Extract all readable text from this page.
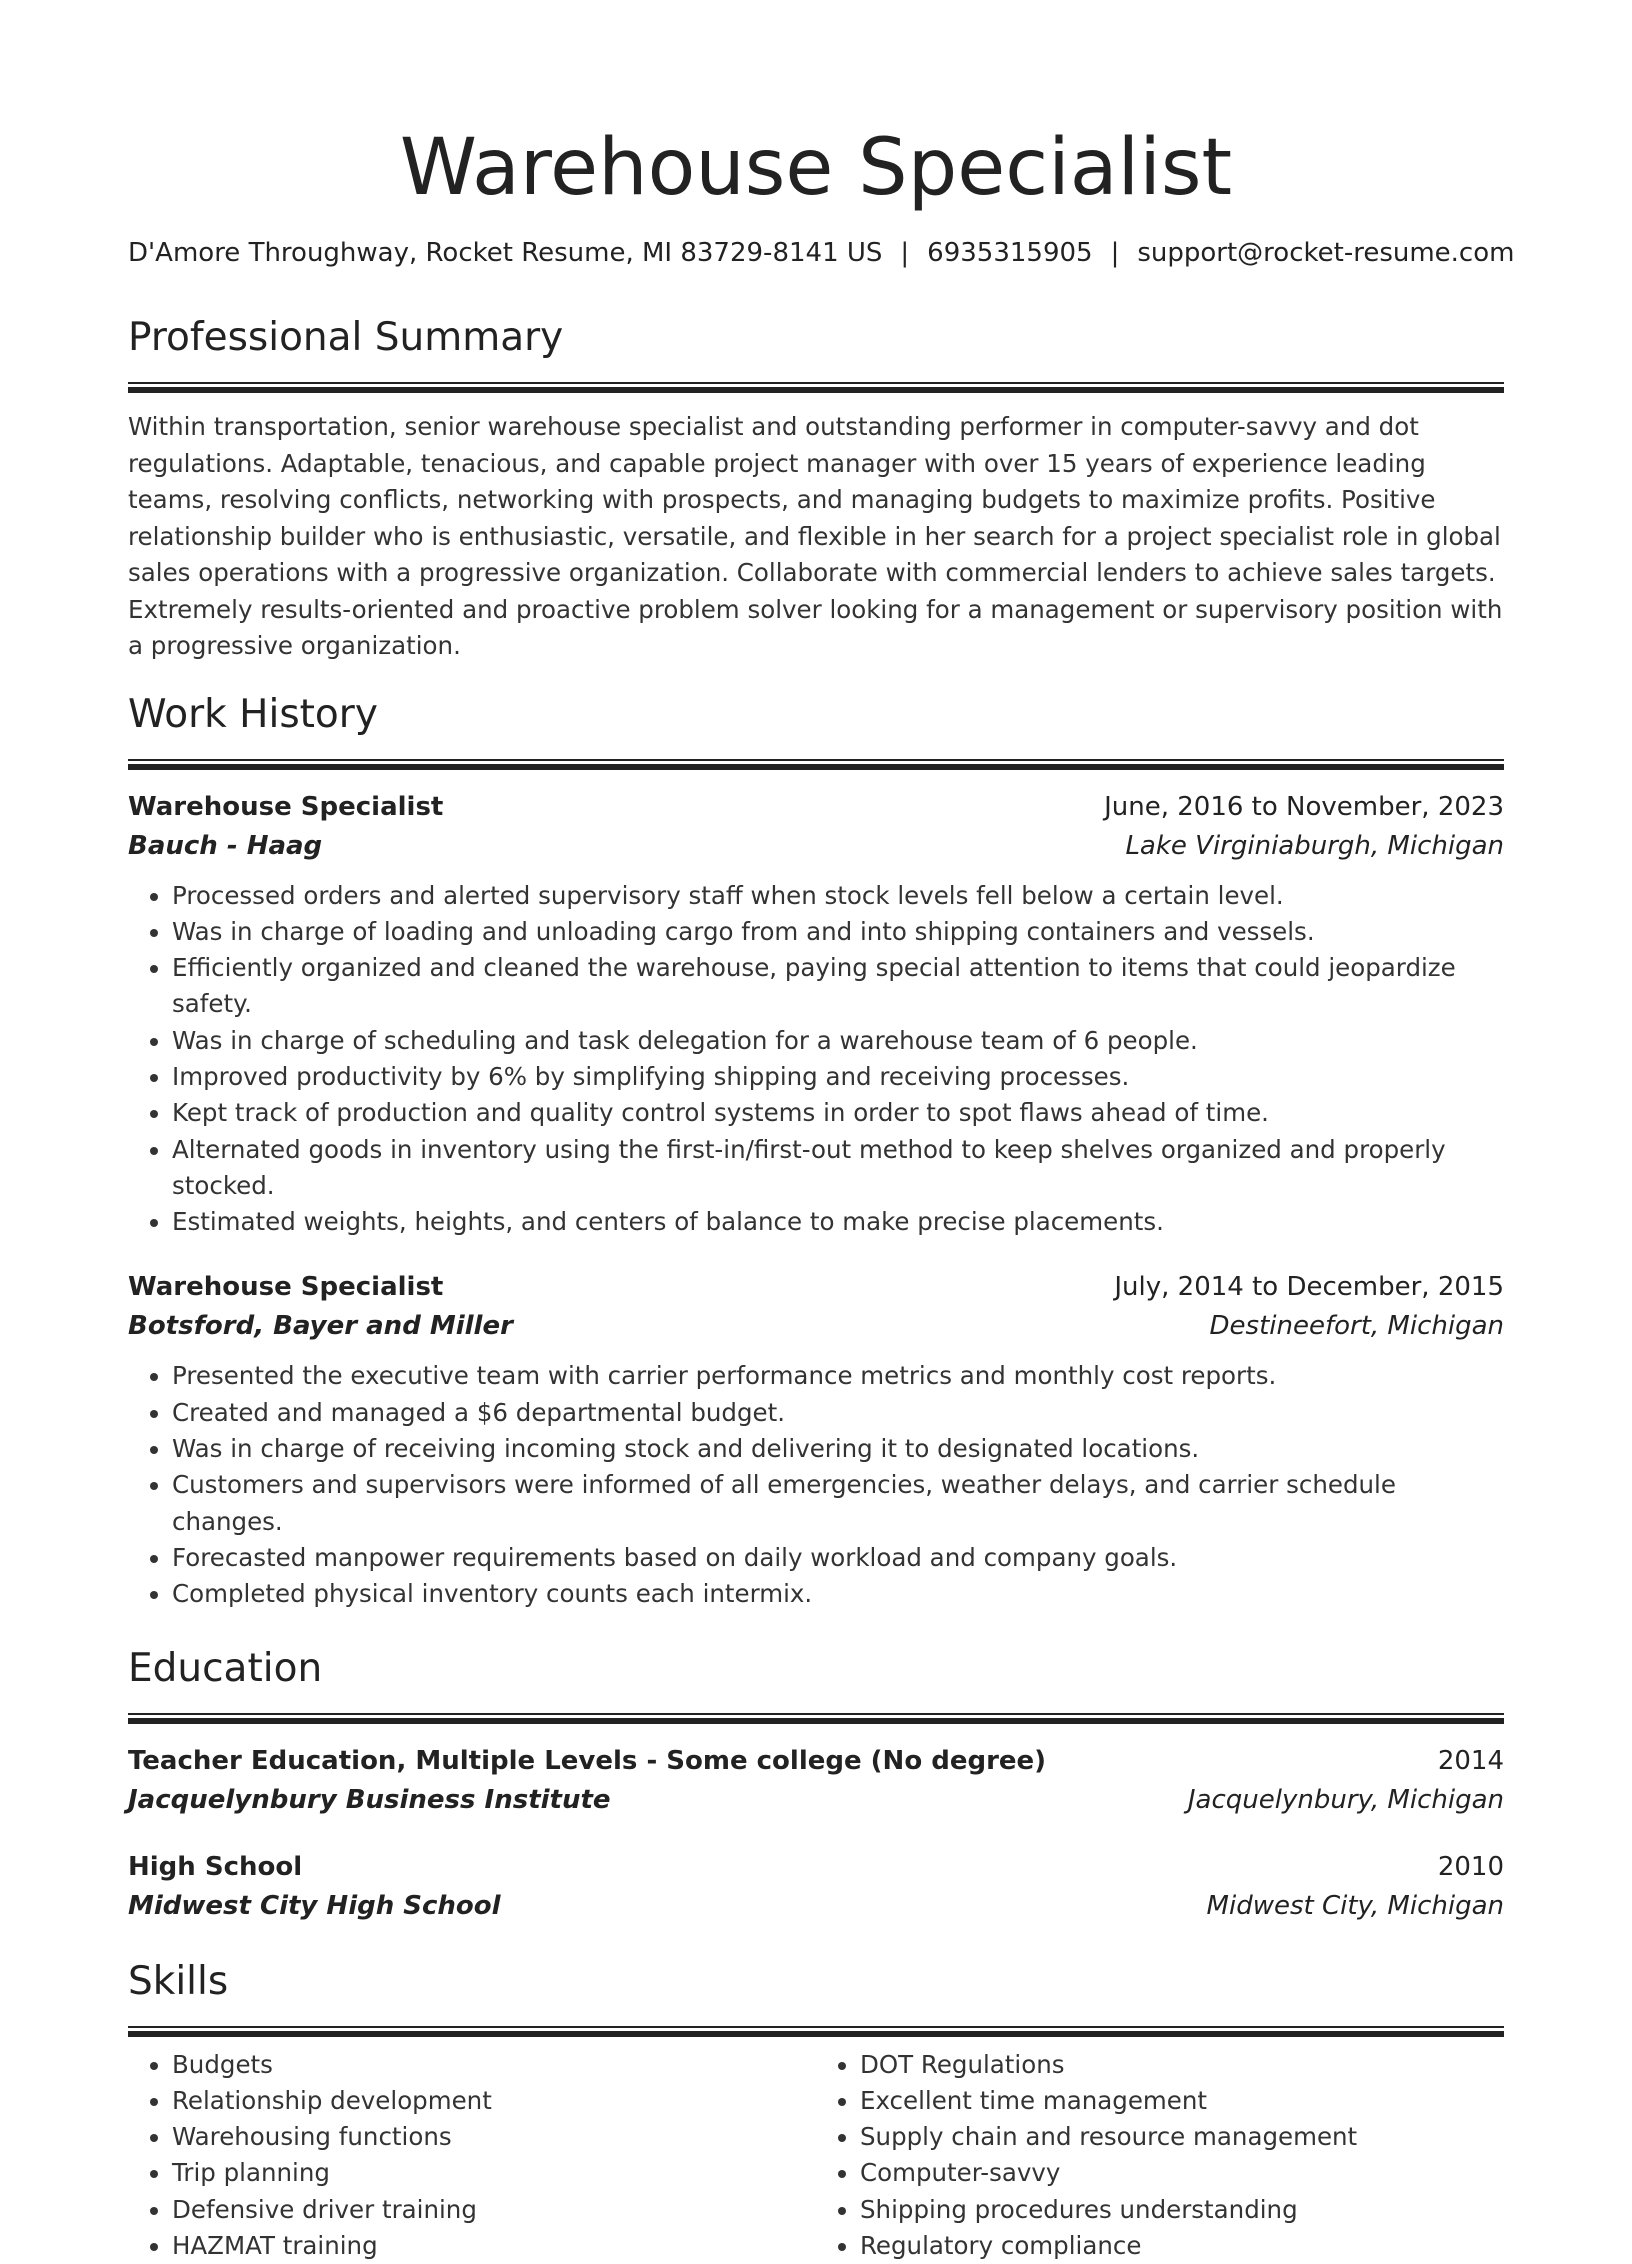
Warehouse Specialist
D'Amore Throughway, Rocket Resume, MI 83729-8141 US | 6935315905 | support@rocket-resume.com
Professional Summary
Within transportation, senior warehouse specialist and outstanding performer in computer-savvy and dot regulations. Adaptable, tenacious, and capable project manager with over 15 years of experience leading teams, resolving conflicts, networking with prospects, and managing budgets to maximize profits. Positive relationship builder who is enthusiastic, versatile, and flexible in her search for a project specialist role in global sales operations with a progressive organization. Collaborate with commercial lenders to achieve sales targets. Extremely results-oriented and proactive problem solver looking for a management or supervisory position with a progressive organization.
Work History
Warehouse Specialist	June, 2016 to November, 2023
Bauch - Haag	Lake Virginiaburgh, Michigan
• Processed orders and alerted supervisory staff when stock levels fell below a certain level.
• Was in charge of loading and unloading cargo from and into shipping containers and vessels.
• Efficiently organized and cleaned the warehouse, paying special attention to items that could jeopardize safety.
• Was in charge of scheduling and task delegation for a warehouse team of 6 people.
• Improved productivity by 6% by simplifying shipping and receiving processes.
• Kept track of production and quality control systems in order to spot flaws ahead of time.
• Alternated goods in inventory using the first-in/first-out method to keep shelves organized and properly stocked.
• Estimated weights, heights, and centers of balance to make precise placements.
Warehouse Specialist	July, 2014 to December, 2015
Botsford, Bayer and Miller	Destineefort, Michigan
• Presented the executive team with carrier performance metrics and monthly cost reports.
• Created and managed a $6 departmental budget.
• Was in charge of receiving incoming stock and delivering it to designated locations.
• Customers and supervisors were informed of all emergencies, weather delays, and carrier schedule changes.
• Forecasted manpower requirements based on daily workload and company goals.
• Completed physical inventory counts each intermix.
Education
Teacher Education, Multiple Levels - Some college (No degree)	2014
Jacquelynbury Business Institute	Jacquelynbury, Michigan
High School	2010
Midwest City High School	Midwest City, Michigan
Skills
• Budgets
• Relationship development
• Warehousing functions
• Trip planning
• Defensive driver training
• HAZMAT training
• DOT Regulations
• Excellent time management
• Supply chain and resource management
• Computer-savvy
• Shipping procedures understanding
• Regulatory compliance
